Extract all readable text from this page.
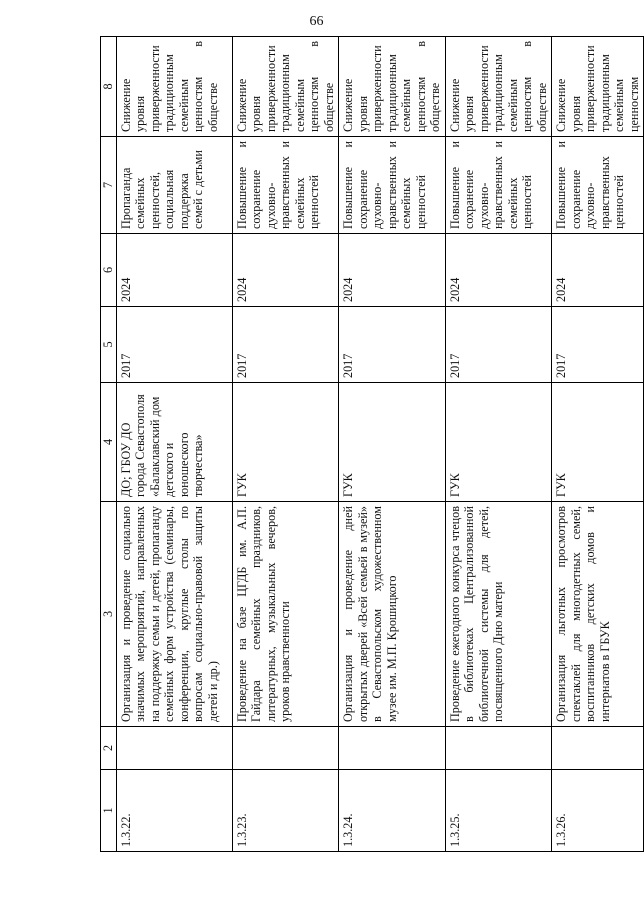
66
1	2	3	4	5	6	7	8
1.3.22.		Организация и проведение социально значимых мероприятий, направленных на поддержку семьи и детей, пропаганду семейных форм устройства (семинары, конференции, круглые столы по вопросам социально-правовой защиты детей и др.)	ДО; ГБОУ ДО города Севастополя «Балаклавский дом детского и юношеского творчества»	2017	2024	Пропаганда семейных ценностей, социальная поддержка семей с детьми	Снижение уровня приверженности традиционным семейным ценностям в обществе
1.3.23.		Проведение на базе ЦГДБ им. А.П. Гайдара семейных праздников, литературных, музыкальных вечеров, уроков нравственности	ГУК	2017	2024	Повышение и сохранение духовно-нравственных и семейных ценностей	Снижение уровня приверженности традиционным семейным ценностям в обществе
1.3.24.		Организация и проведение дней открытых дверей «Всей семьей в музей» в Севастопольском художественном музее им. М.П. Крошицкого	ГУК	2017	2024	Повышение и сохранение духовно-нравственных и семейных ценностей	Снижение уровня приверженности традиционным семейным ценностям в обществе
1.3.25.		Проведение ежегодного конкурса чтецов в библиотеках Централизованной библиотечной системы для детей, посвященного Дню матери	ГУК	2017	2024	Повышение и сохранение духовно-нравственных и семейных ценностей	Снижение уровня приверженности традиционным семейным ценностям в обществе
1.3.26.		Организация льготных просмотров спектаклей для многодетных семей, воспитанников детских домов и интернатов в ГБУК	ГУК	2017	2024	Повышение и сохранение духовно-нравственных ценностей	Снижение уровня приверженности традиционным семейным ценностям
